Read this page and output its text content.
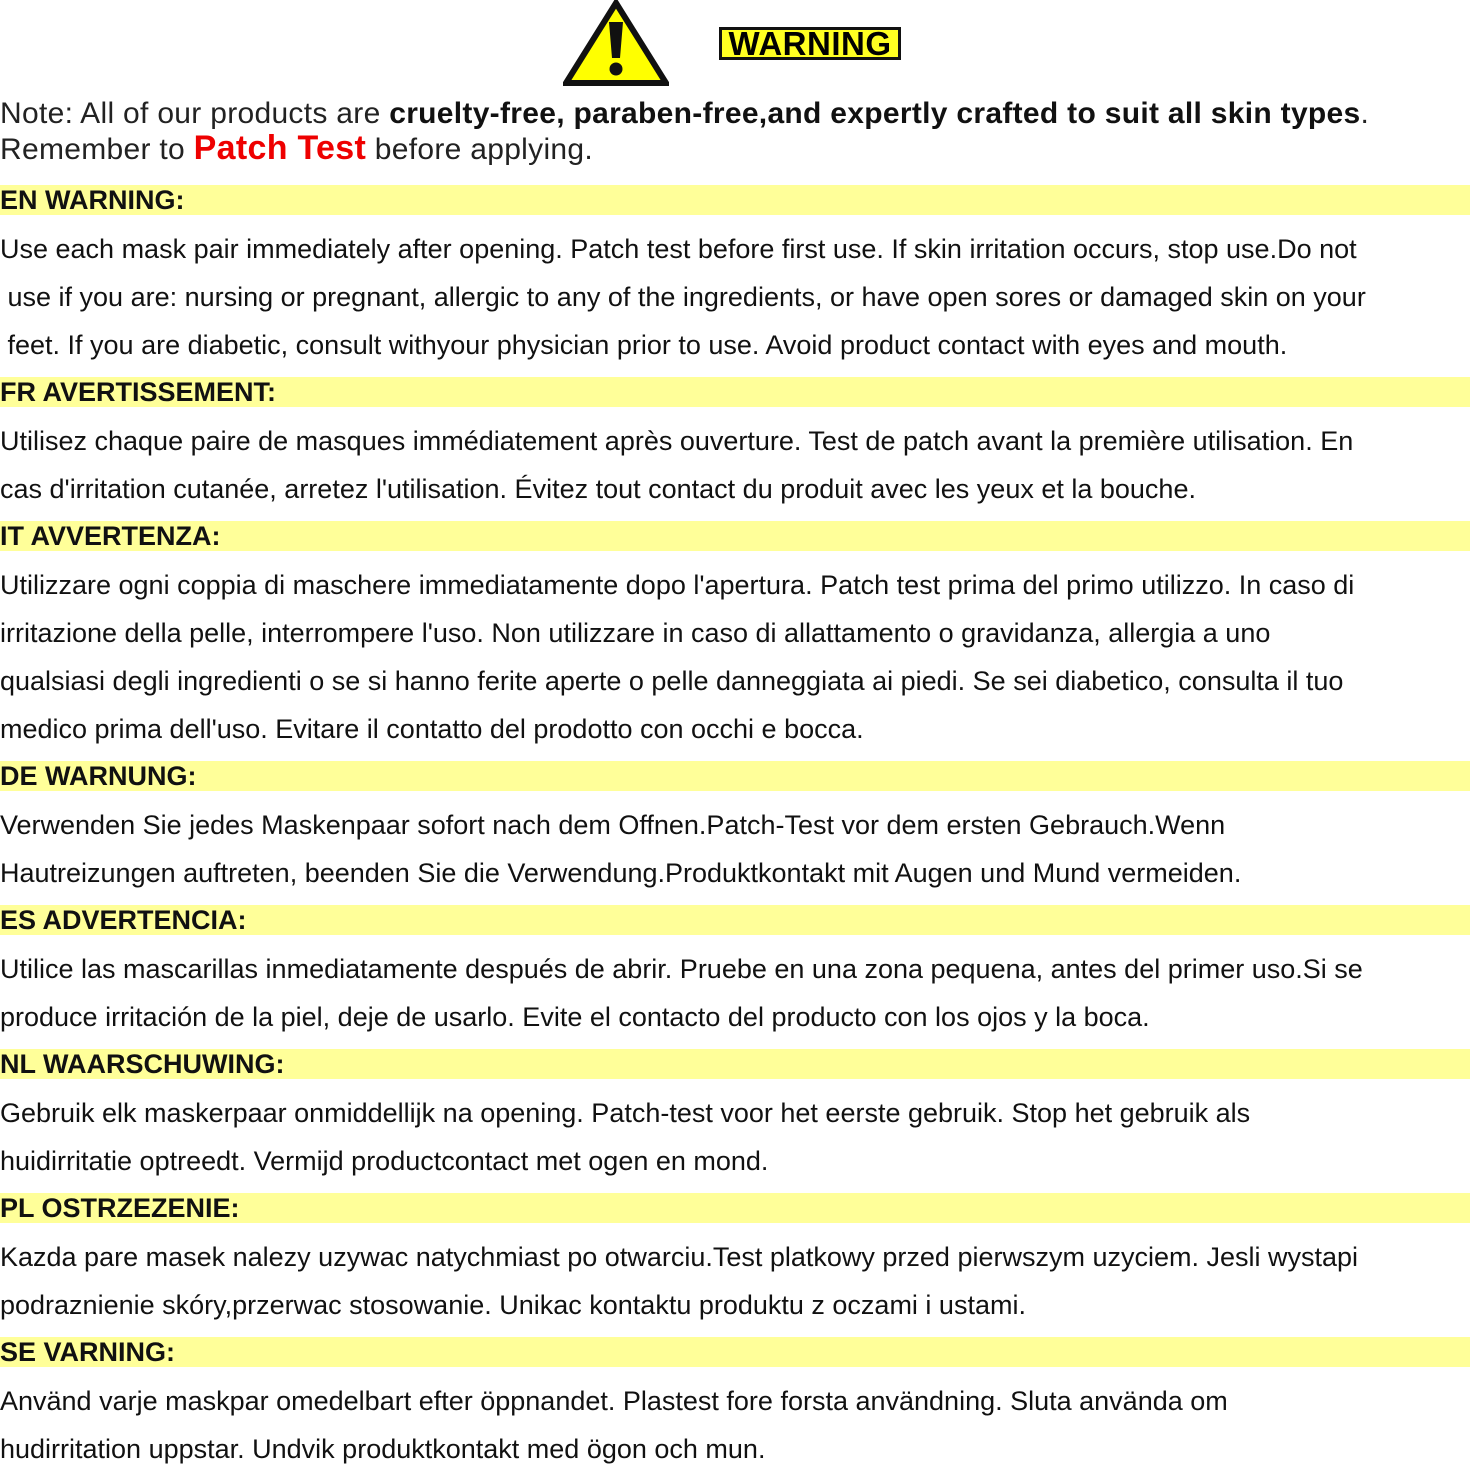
WARNING
Note: All of our products are cruelty-free, paraben-free,and expertly crafted to suit all skin types.
Remember to Patch Test before applying.
EN WARNING:
Use each mask pair immediately after opening. Patch test before first use. If skin irritation occurs, stop use.Do not
use if you are: nursing or pregnant, allergic to any of the ingredients, or have open sores or damaged skin on your
feet. If you are diabetic, consult withyour physician prior to use. Avoid product contact with eyes and mouth.
FR AVERTISSEMENT:
Utilisez chaque paire de masques immédiatement après ouverture. Test de patch avant la première utilisation. En
cas d'irritation cutanée, arretez l'utilisation. Évitez tout contact du produit avec les yeux et la bouche.
IT AVVERTENZA:
Utilizzare ogni coppia di maschere immediatamente dopo l'apertura. Patch test prima del primo utilizzo. In caso di
irritazione della pelle, interrompere l'uso. Non utilizzare in caso di allattamento o gravidanza, allergia a uno
qualsiasi degli ingredienti o se si hanno ferite aperte o pelle danneggiata ai piedi. Se sei diabetico, consulta il tuo
medico prima dell'uso. Evitare il contatto del prodotto con occhi e bocca.
DE WARNUNG:
Verwenden Sie jedes Maskenpaar sofort nach dem Offnen.Patch-Test vor dem ersten Gebrauch.Wenn
Hautreizungen auftreten, beenden Sie die Verwendung.Produktkontakt mit Augen und Mund vermeiden.
ES ADVERTENCIA:
Utilice las mascarillas inmediatamente después de abrir. Pruebe en una zona pequena, antes del primer uso.Si se
produce irritación de la piel, deje de usarlo. Evite el contacto del producto con los ojos y la boca.
NL WAARSCHUWING:
Gebruik elk maskerpaar onmiddellijk na opening. Patch-test voor het eerste gebruik. Stop het gebruik als
huidirritatie optreedt. Vermijd productcontact met ogen en mond.
PL OSTRZEZENIE:
Kazda pare masek nalezy uzywac natychmiast po otwarciu.Test platkowy przed pierwszym uzyciem. Jesli wystapi
podraznienie skóry,przerwac stosowanie. Unikac kontaktu produktu z oczami i ustami.
SE VARNING:
Använd varje maskpar omedelbart efter öppnandet. Plastest fore forsta användning. Sluta använda om
hudirritation uppstar. Undvik produktkontakt med ögon och mun.
